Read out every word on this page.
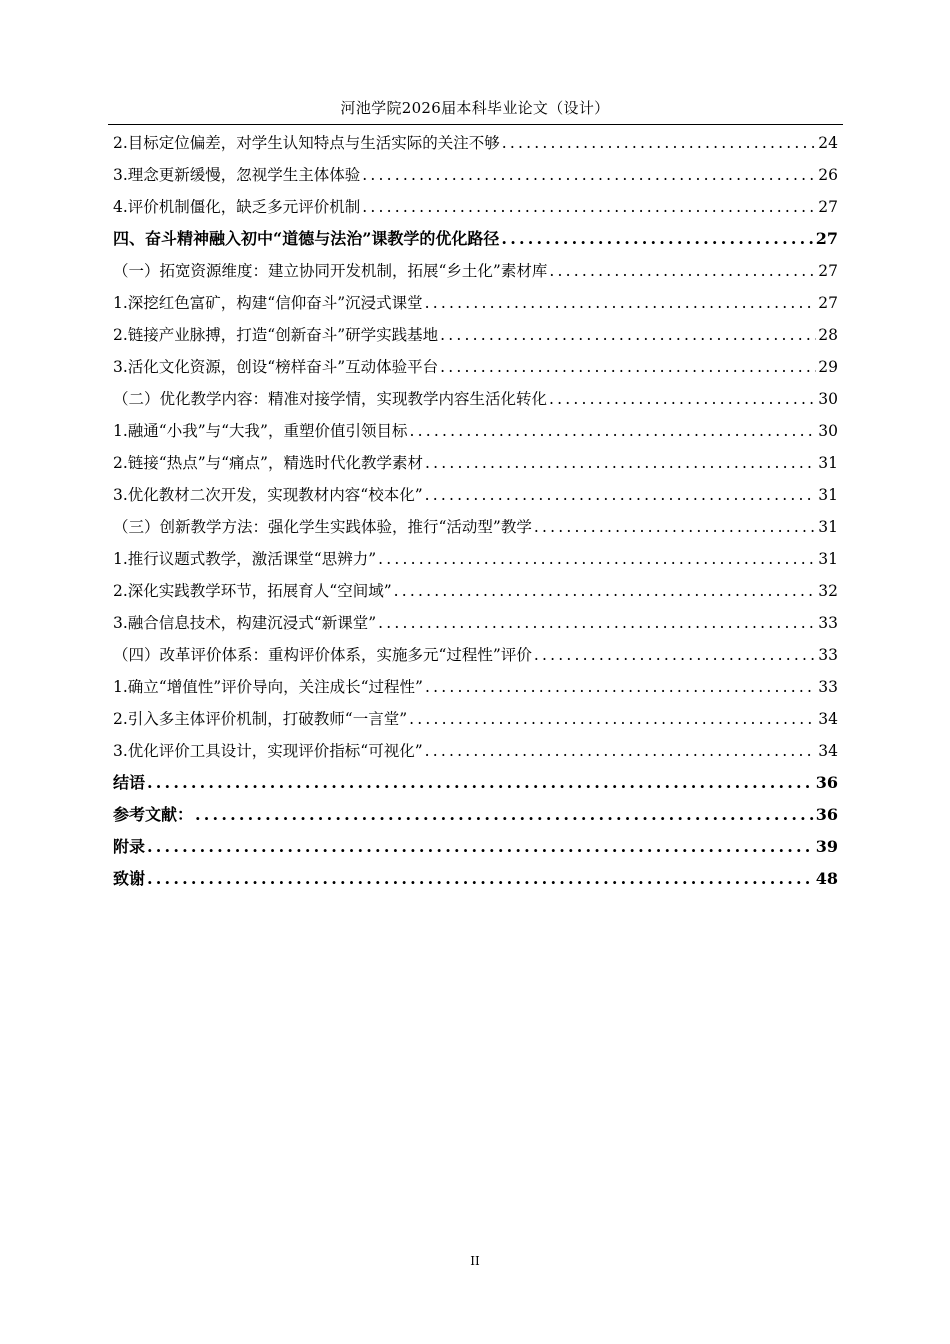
河池学院2026届本科毕业论文（设计）
2.目标定位偏差，对学生认知特点与生活实际的关注不够 .....	24
3.理念更新缓慢，忽视学生主体体验 .....	26
4.评价机制僵化，缺乏多元评价机制 .....	27
四、奋斗精神融入初中“道德与法治”课教学的优化路径 .....	27
（一）拓宽资源维度：建立协同开发机制，拓展“乡土化”素材库 .....	27
1.深挖红色富矿，构建“信仰奋斗”沉浸式课堂 .....	27
2.链接产业脉搏，打造“创新奋斗”研学实践基地 .....	28
3.活化文化资源，创设“榜样奋斗”互动体验平台 .....	29
（二）优化教学内容：精准对接学情，实现教学内容生活化转化 .....	30
1.融通“小我”与“大我”，重塑价值引领目标 .....	30
2.链接“热点”与“痛点”，精选时代化教学素材 .....	31
3.优化教材二次开发，实现教材内容“校本化” .....	31
（三）创新教学方法：强化学生实践体验，推行“活动型”教学 .....	31
1.推行议题式教学，激活课堂“思辨力” .....	31
2.深化实践教学环节，拓展育人“空间域” .....	32
3.融合信息技术，构建沉浸式“新课堂” .....	33
（四）改革评价体系：重构评价体系，实施多元“过程性”评价 .....	33
1.确立“增值性”评价导向，关注成长“过程性” .....	33
2.引入多主体评价机制，打破教师“一言堂” .....	34
3.优化评价工具设计，实现评价指标“可视化” .....	34
结语 .....	36
参考文献： .....	36
附录 .....	39
致谢 .....	48
II
